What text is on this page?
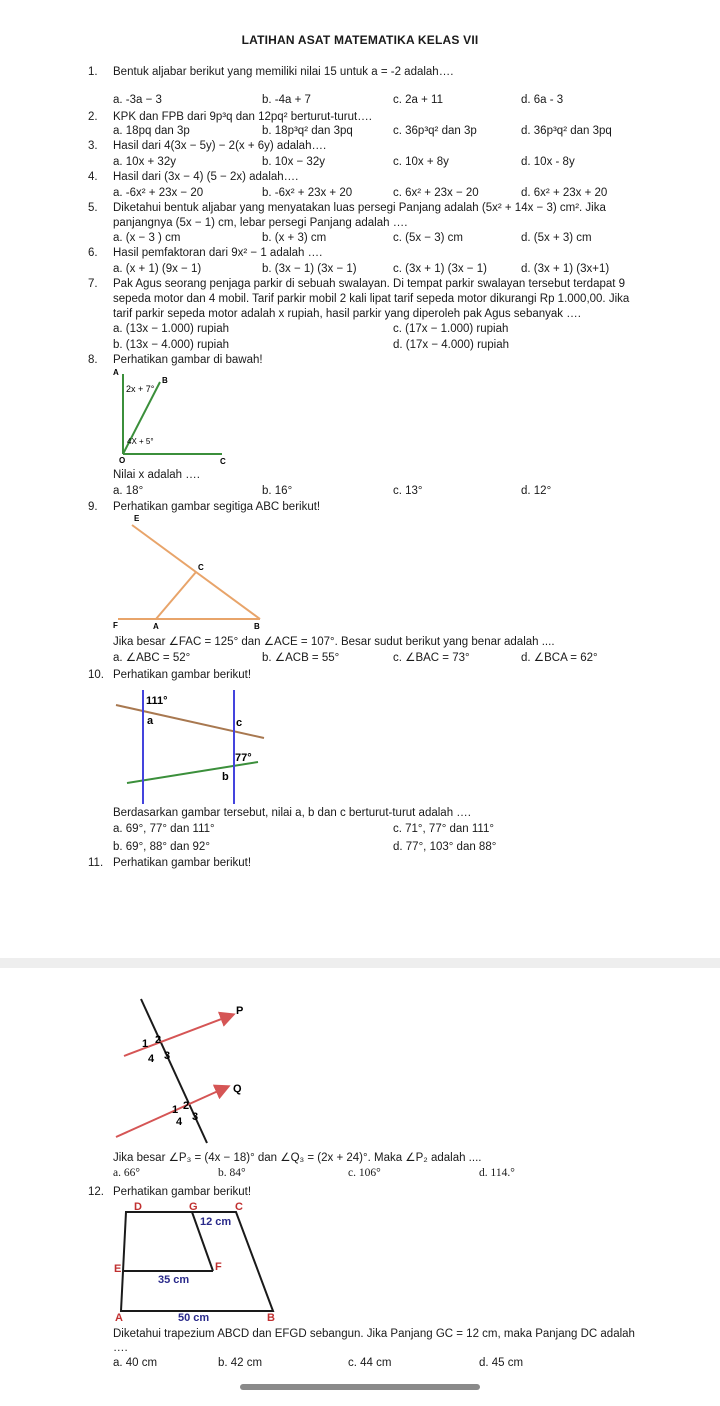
LATIHAN ASAT MATEMATIKA KELAS VII
1. Bentuk aljabar berikut yang memiliki nilai 15 untuk a = -2 adalah….
a. -3a − 3	b. -4a + 7	c. 2a + 11	d. 6a - 3
2. KPK dan FPB dari 9p³q dan 12pq² berturut-turut….
a. 18pq dan 3p	b. 18p³q² dan 3pq	c. 36p³q² dan 3p	d. 36p³q² dan 3pq
3. Hasil dari 4(3x − 5y) − 2(x + 6y) adalah….
a. 10x + 32y	b. 10x − 32y	c. 10x + 8y	d. 10x - 8y
4. Hasil dari (3x − 4) (5 − 2x) adalah….
a. -6x² + 23x − 20	b. -6x² + 23x + 20	c. 6x² + 23x − 20	d. 6x² + 23x + 20
5. Diketahui bentuk aljabar yang menyatakan luas persegi Panjang adalah (5x² + 14x − 3) cm². Jika
panjangnya (5x − 1) cm, lebar persegi Panjang adalah ….
a. (x − 3 ) cm	b. (x + 3) cm	c. (5x − 3) cm	d. (5x + 3) cm
6. Hasil pemfaktoran dari 9x² − 1 adalah ….
a. (x + 1) (9x − 1)	b. (3x − 1) (3x − 1)	c. (3x + 1) (3x − 1)	d. (3x + 1) (3x+1)
7. Pak Agus seorang penjaga parkir di sebuah swalayan. Di tempat parkir swalayan tersebut terdapat 9
sepeda motor dan 4 mobil. Tarif parkir mobil 2 kali lipat tarif sepeda motor dikurangi Rp 1.000,00. Jika
tarif parkir sepeda motor adalah x rupiah, hasil parkir yang diperoleh pak Agus sebanyak ….
a. (13x − 1.000) rupiah	c. (17x − 1.000) rupiah
b. (13x − 4.000) rupiah	d. (17x − 4.000) rupiah
8. Perhatikan gambar di bawah!
A
B
O	C
2x + 7°
4X + 5°
Nilai x adalah ….
a. 18°	b. 16°	c. 13°	d. 12°
9. Perhatikan gambar segitiga ABC berikut!
E
C
F	A	B
Jika besar ∠FAC = 125° dan ∠ACE = 107°. Besar sudut berikut yang benar adalah ....
a. ∠ABC = 52°	b. ∠ACB = 55°	c. ∠BAC = 73°	d. ∠BCA = 62°
10. Perhatikan gambar berikut!
111°
a	c
77°
b
Berdasarkan gambar tersebut, nilai a, b dan c berturut-turut adalah ….
a. 69°, 77° dan 111°	c. 71°, 77° dan 111°
b. 69°, 88° dan 92°	d. 77°, 103° dan 88°
11. Perhatikan gambar berikut!
P
Q
1 2
4 3
1 2
4 3
Jika besar ∠P₃ = (4x − 18)° dan ∠Q₃ = (2x + 24)°. Maka ∠P₂ adalah ....
a. 66°	b. 84°	c. 106°	d. 114.°
12. Perhatikan gambar berikut!
D	G	C
E	F
A	B
12 cm
35 cm
50 cm
Diketahui trapezium ABCD dan EFGD sebangun. Jika Panjang GC = 12 cm, maka Panjang DC adalah
….
a. 40 cm	b. 42 cm	c. 44 cm	d. 45 cm
